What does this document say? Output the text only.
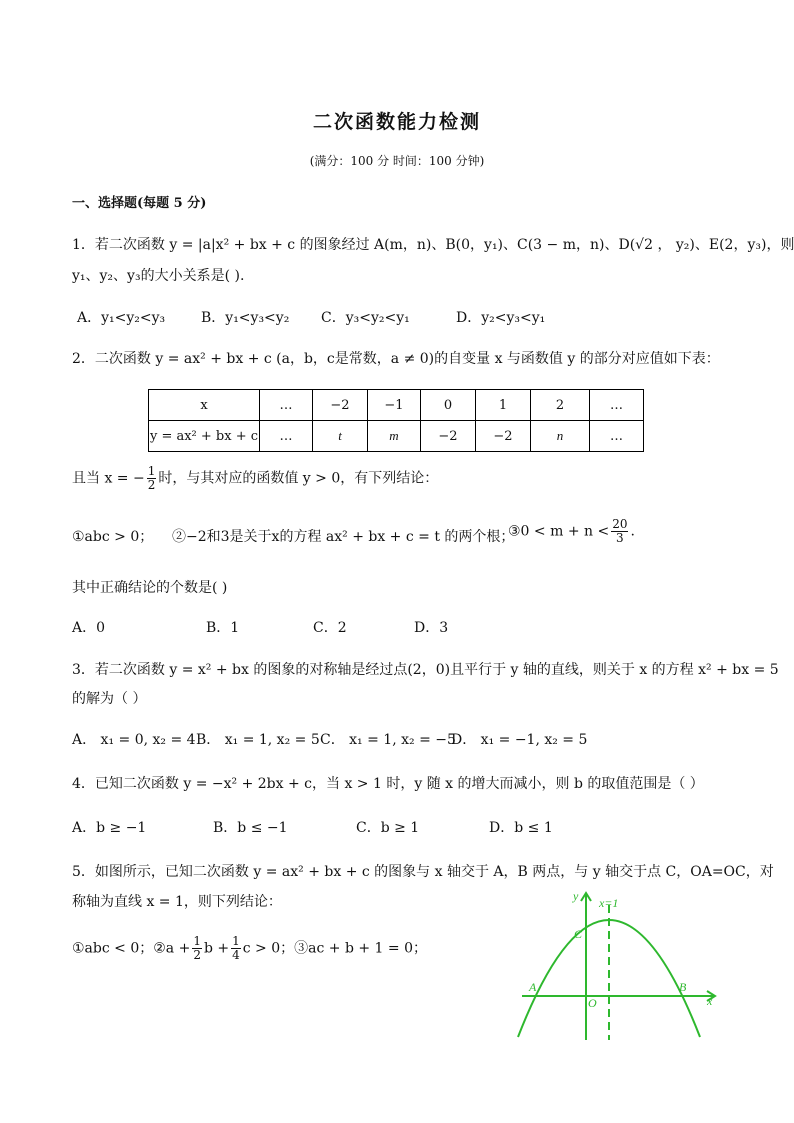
二次函数能力检测
(满分：100 分 时间：100 分钟)
一、选择题(每题 5 分)
1．若二次函数 y = |a|x² + bx + c 的图象经过 A(m，n)、B(0，y₁)、C(3 − m，n)、D(√2 ， y₂)、E(2，y₃)，则
y₁、y₂、y₃的大小关系是( ).
A．y₁<y₂<y₃	B．y₁<y₃<y₂ C．y₃<y₂<y₁	D．y₂<y₃<y₁
2．二次函数 y = ax² + bx + c (a，b，c是常数，a ≠ 0)的自变量 x 与函数值 y 的部分对应值如下表：
x	…	−2	−1	0	1	2	…
y = ax² + bx + c	…	t	m	−2	−2	n	…
且当 x = − $\frac{1}{2}$ 时，与其对应的函数值 y > 0，有下列结论：
①abc > 0； ②−2和3是关于x的方程 ax² + bx + c = t 的两个根；
③0 < $m + n < \frac{20}{3}$ .
其中正确结论的个数是( )
A．0	B．1	C．2	D．3
3．若二次函数 y = x² + bx 的图象的对称轴是经过点(2，0)且平行于 y 轴的直线，则关于 x 的方程 x² + bx = 5
的解为（ ）
A． x₁ = 0, x₂ = 4 B． x₁ = 1, x₂ = 5 C． x₁ = 1, x₂ = −5
D． x₁ = −1, x₂ = 5
4．已知二次函数 y = −x² + 2bx + c，当 x > 1 时，y 随 x 的增大而减小，则 b 的取值范围是（ ）
A．b ≥ −1	B．b ≤ −1	C．b ≥ 1	D．b ≤ 1
5．如图所示，已知二次函数 y = ax² + bx + c 的图象与 x 轴交于 A，B 两点，与 y 轴交于点 C，OA=OC，对
称轴为直线 x = 1，则下列结论：
①abc < 0；②a + $\frac{1}{2}$ $b + \frac{1}{4}$ c > 0；③ac + b + 1 = 0；
y
x
x=1
C
A	B
O
